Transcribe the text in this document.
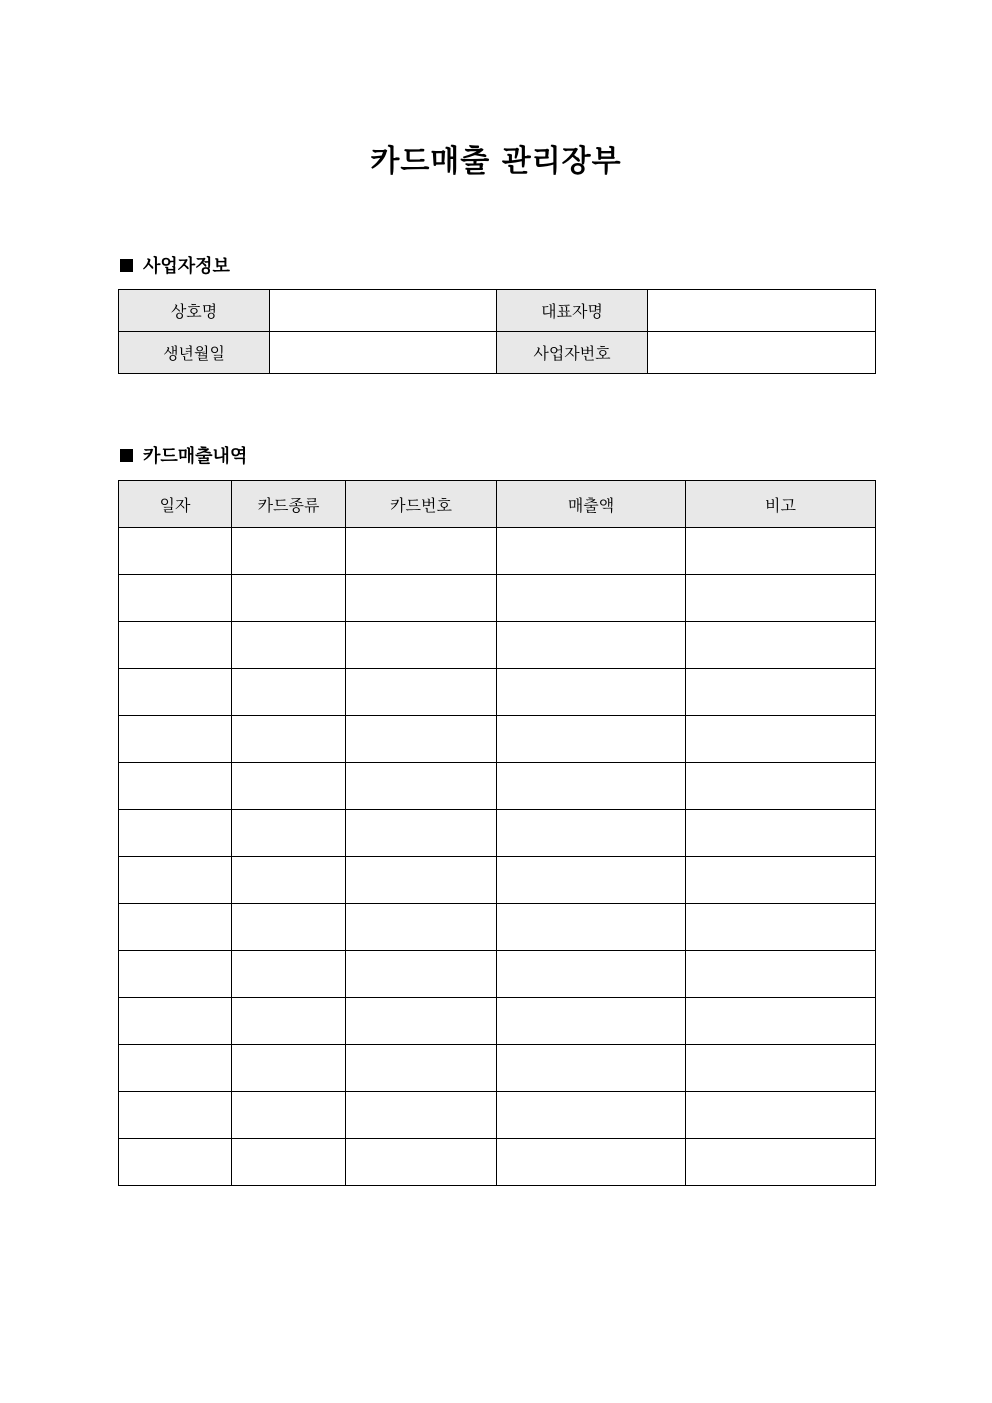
카드매출 관리장부
사업자정보
상호명		대표자명	
생년월일		사업자번호	
카드매출내역
일자	카드종류	카드번호	매출액	비고
